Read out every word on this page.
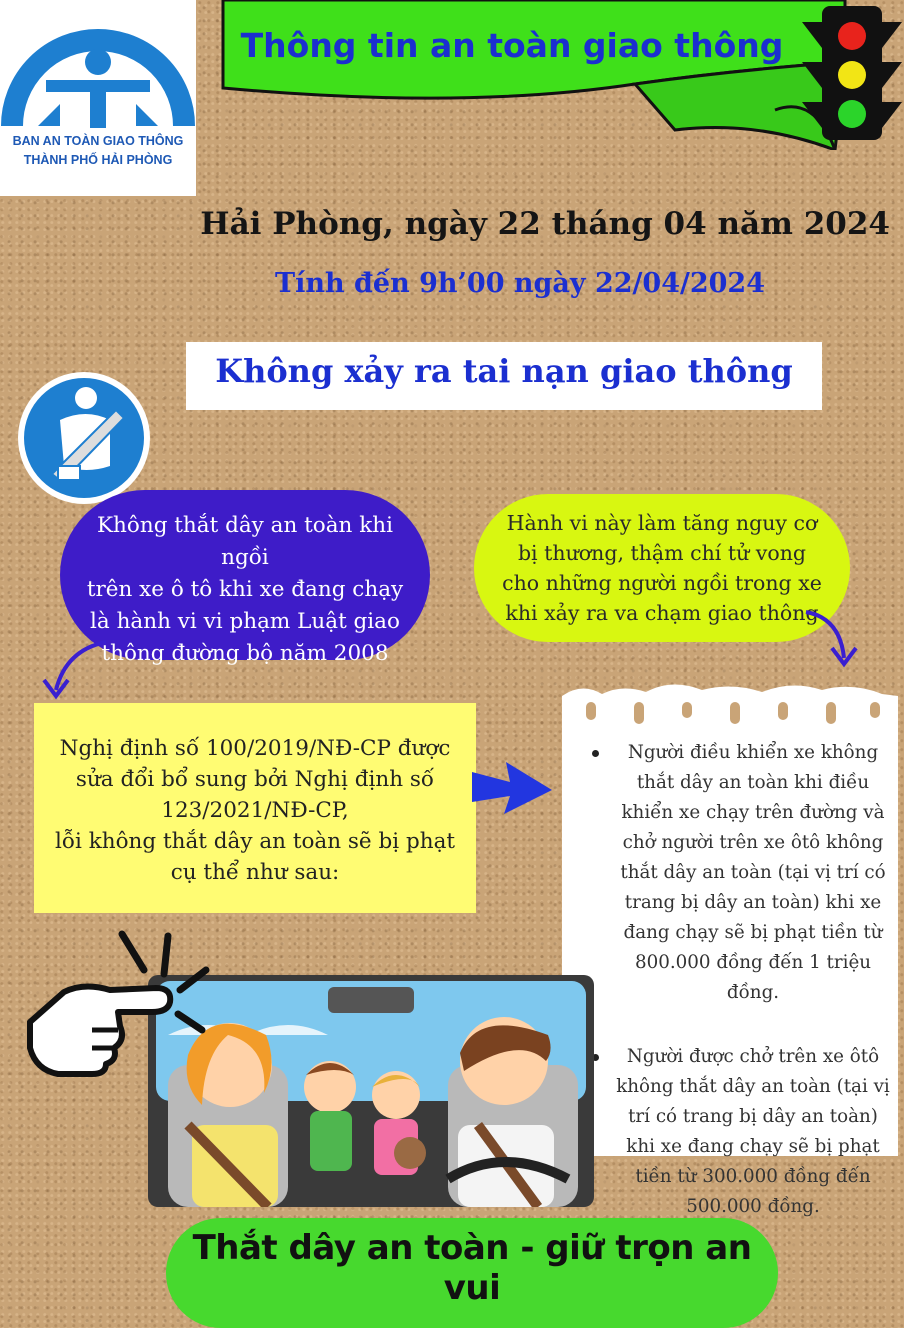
BAN AN TOÀN GIAO THÔNG
THÀNH PHỐ HẢI PHÒNG
Thông tin an toàn giao thông
Hải Phòng, ngày 22 tháng 04 năm 2024
Tính đến 9h’00 ngày 22/04/2024
Không xảy ra tai nạn giao thông
Không thắt dây an toàn khi ngồi
trên xe ô tô khi xe đang chạy
là hành vi vi phạm Luật giao
thông đường bộ năm 2008
Hành vi này làm tăng nguy cơ
bị thương, thậm chí tử vong
cho những người ngồi trong xe
khi xảy ra va chạm giao thông
Nghị định số 100/2019/NĐ-CP được
sửa đổi bổ sung bởi Nghị định số
123/2021/NĐ-CP,
lỗi không thắt dây an toàn sẽ bị phạt
cụ thể như sau:
Người điều khiển xe không thắt dây an toàn khi điều khiển xe chạy trên đường và chở người trên xe ôtô không thắt dây an toàn (tại vị trí có trang bị dây an toàn) khi xe đang chạy sẽ bị phạt tiền từ 800.000 đồng đến 1 triệu đồng.
Người được chở trên xe ôtô không thắt dây an toàn (tại vị trí có trang bị dây an toàn) khi xe đang chạy sẽ bị phạt tiền từ 300.000 đồng đến 500.000 đồng.
Thắt dây an toàn - giữ trọn an vui
